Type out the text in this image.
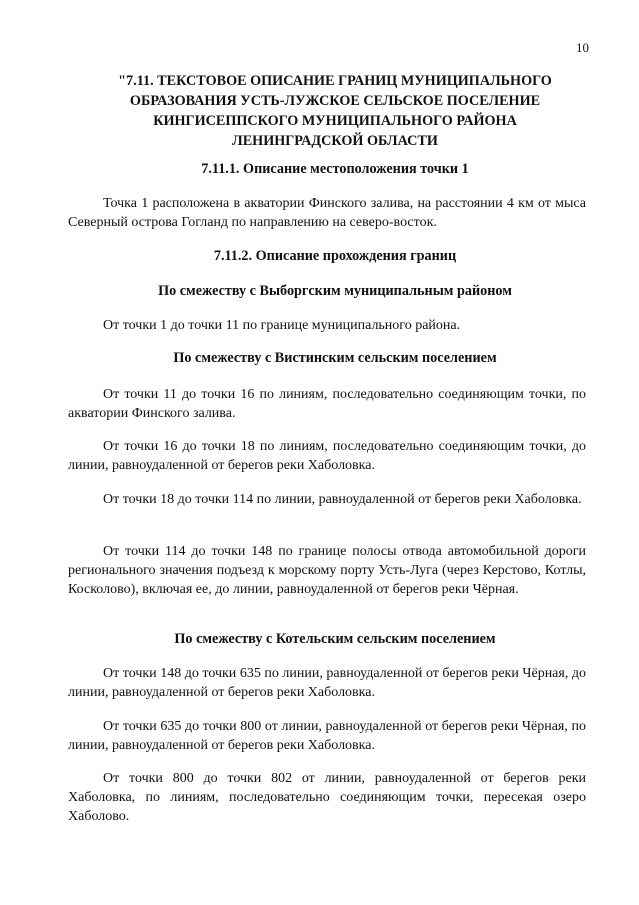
10
"7.11. ТЕКСТОВОЕ ОПИСАНИЕ ГРАНИЦ МУНИЦИПАЛЬНОГО
ОБРАЗОВАНИЯ УСТЬ-ЛУЖСКОЕ СЕЛЬСКОЕ ПОСЕЛЕНИЕ
КИНГИСЕППСКОГО МУНИЦИПАЛЬНОГО РАЙОНА
ЛЕНИНГРАДСКОЙ ОБЛАСТИ
7.11.1. Описание местоположения точки 1
Точка 1 расположена в акватории Финского залива, на расстоянии 4 км от мыса Северный острова Гогланд по направлению на северо-восток.
7.11.2. Описание прохождения границ
По смежеству с Выборгским муниципальным районом
От точки 1 до точки 11 по границе муниципального района.
По смежеству с Вистинским сельским поселением
От точки 11 до точки 16 по линиям, последовательно соединяющим точки, по акватории Финского залива.
От точки 16 до точки 18 по линиям, последовательно соединяющим точки, до линии, равноудаленной от берегов реки Хаболовка.
От точки 18 до точки 114 по линии, равноудаленной от берегов реки Хаболовка.
От точки 114 до точки 148 по границе полосы отвода автомобильной дороги регионального значения подъезд к морскому порту Усть-Луга (через Керстово, Котлы, Косколово), включая ее, до линии, равноудаленной от берегов реки Чёрная.
По смежеству с Котельским сельским поселением
От точки 148 до точки 635 по линии, равноудаленной от берегов реки Чёрная, до линии, равноудаленной от берегов реки Хаболовка.
От точки 635 до точки 800 от линии, равноудаленной от берегов реки Чёрная, по линии, равноудаленной от берегов реки Хаболовка.
От точки 800 до точки 802 от линии, равноудаленной от берегов реки Хаболовка, по линиям, последовательно соединяющим точки, пересекая озеро Хаболово.
